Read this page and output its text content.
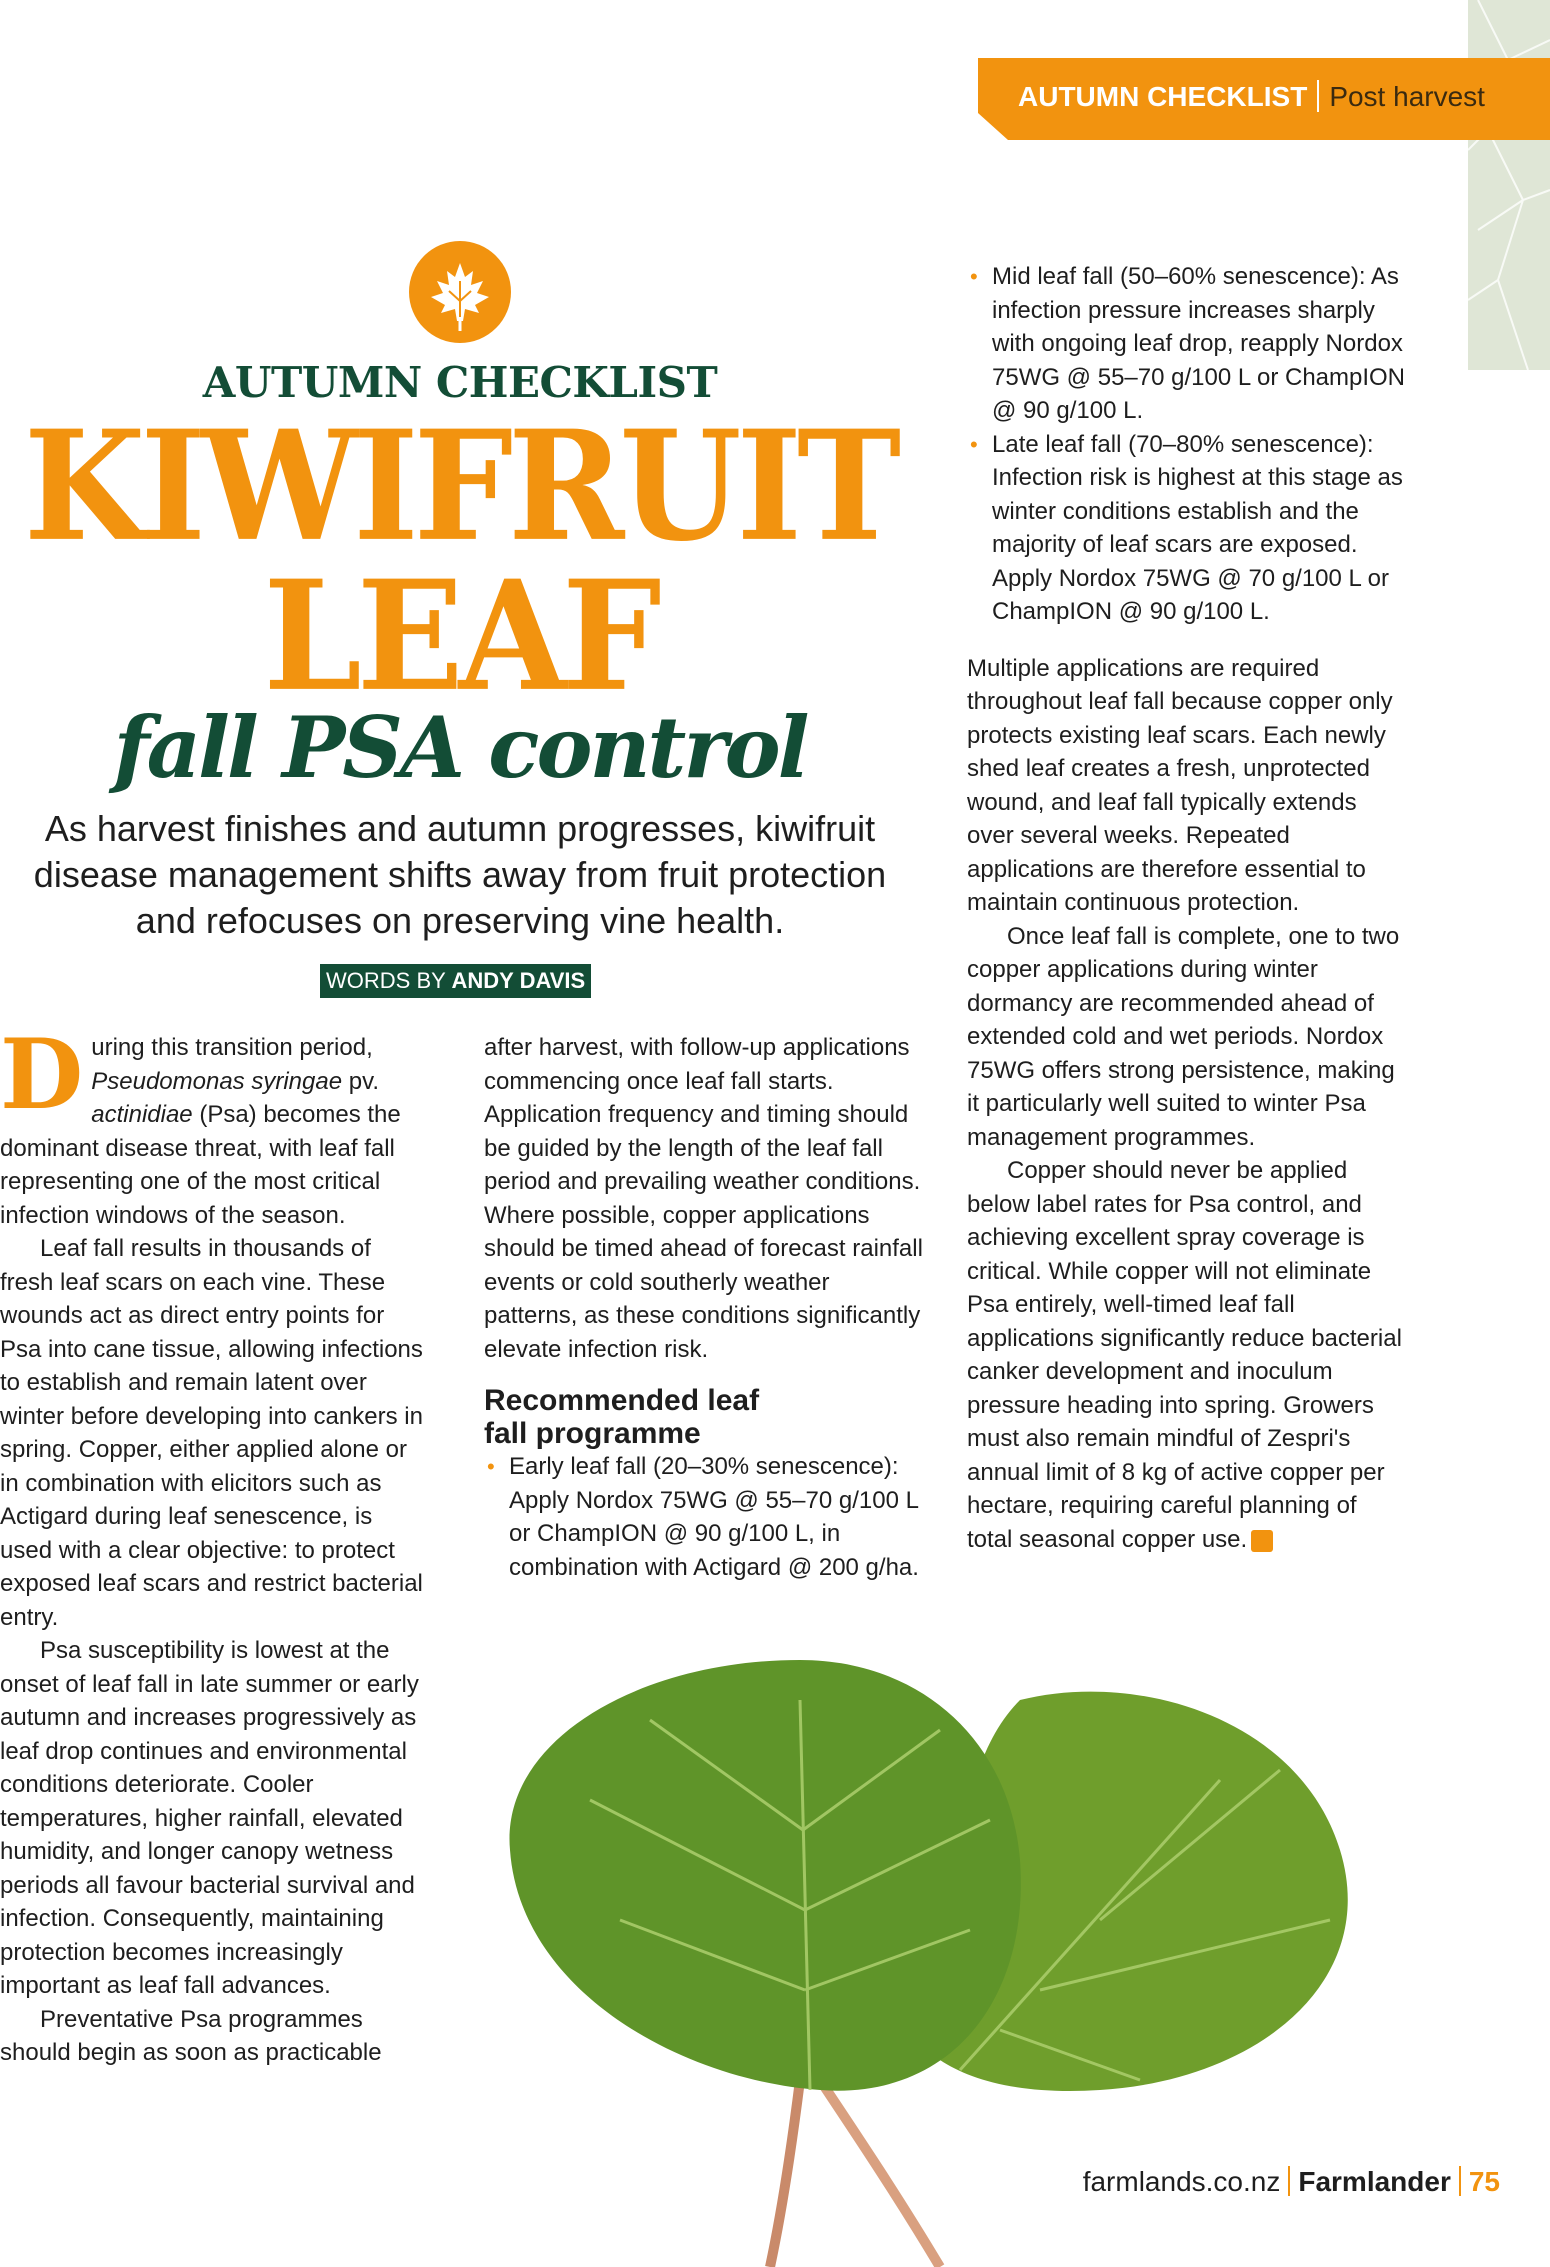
AUTUMN CHECKLIST Post harvest
AUTUMN CHECKLIST
KIWIFRUIT
LEAF
fall PSA control
As harvest finishes and autumn progresses, kiwifruit disease management shifts away from fruit protection and refocuses on preserving vine health.
WORDS BY ANDY DAVIS

During this transition period, Pseudomonas syringae pv. actinidiae (Psa) becomes the dominant disease threat, with leaf fall representing one of the most critical infection windows of the season.

Leaf fall results in thousands of fresh leaf scars on each vine. These wounds act as direct entry points for Psa into cane tissue, allowing infections to establish and remain latent over winter before developing into cankers in spring. Copper, either applied alone or in combination with elicitors such as Actigard during leaf senescence, is used with a clear objective: to protect exposed leaf scars and restrict bacterial entry.

Psa susceptibility is lowest at the onset of leaf fall in late summer or early autumn and increases progressively as leaf drop continues and environmental conditions deteriorate. Cooler temperatures, higher rainfall, elevated humidity, and longer canopy wetness periods all favour bacterial survival and infection. Consequently, maintaining protection becomes increasingly important as leaf fall advances.

Preventative Psa programmes should begin as soon as practicable

after harvest, with follow-up applications commencing once leaf fall starts. Application frequency and timing should be guided by the length of the leaf fall period and prevailing weather conditions. Where possible, copper applications should be timed ahead of forecast rainfall events or cold southerly weather patterns, as these conditions significantly elevate infection risk.

Recommended leaf fall programme
• Early leaf fall (20–30% senescence): Apply Nordox 75WG @ 55–70 g/100 L or ChampION @ 90 g/100 L, in combination with Actigard @ 200 g/ha.
• Mid leaf fall (50–60% senescence): As infection pressure increases sharply with ongoing leaf drop, reapply Nordox 75WG @ 55–70 g/100 L or ChampION @ 90 g/100 L.
• Late leaf fall (70–80% senescence): Infection risk is highest at this stage as winter conditions establish and the majority of leaf scars are exposed. Apply Nordox 75WG @ 70 g/100 L or ChampION @ 90 g/100 L.

Multiple applications are required throughout leaf fall because copper only protects existing leaf scars. Each newly shed leaf creates a fresh, unprotected wound, and leaf fall typically extends over several weeks. Repeated applications are therefore essential to maintain continuous protection.

Once leaf fall is complete, one to two copper applications during winter dormancy are recommended ahead of extended cold and wet periods. Nordox 75WG offers strong persistence, making it particularly well suited to winter Psa management programmes.

Copper should never be applied below label rates for Psa control, and achieving excellent spray coverage is critical. While copper will not eliminate Psa entirely, well-timed leaf fall applications significantly reduce bacterial canker development and inoculum pressure heading into spring. Growers must also remain mindful of Zespri's annual limit of 8 kg of active copper per hectare, requiring careful planning of total seasonal copper use.	F

farmlands.co.nz Farmlander 75
